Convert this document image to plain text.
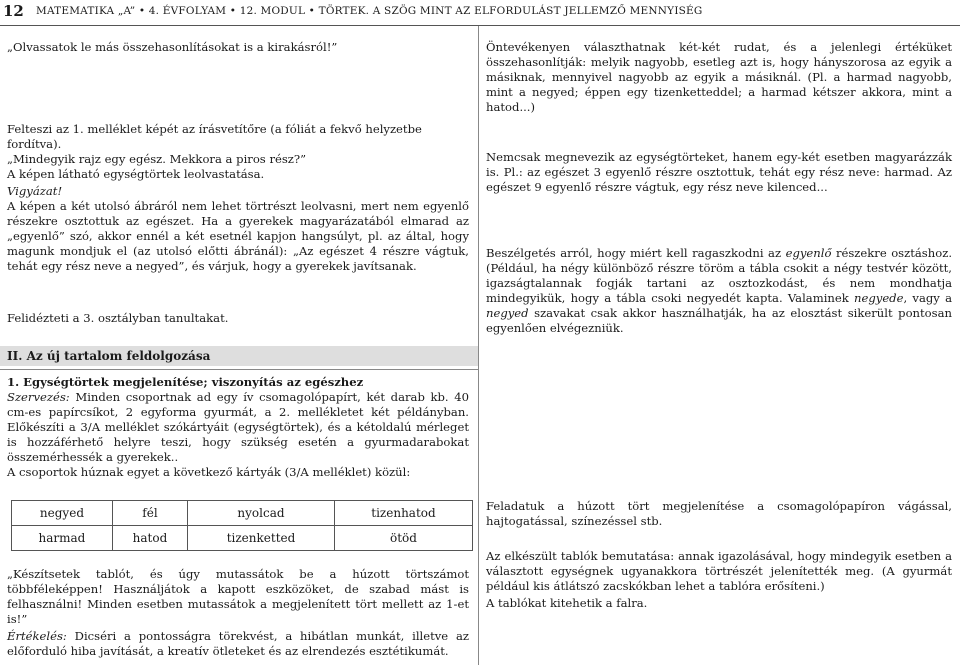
12 MATEMATIKA „A” • 4. ÉVFOLYAM • 12. MODUL • TÖRTEK. A SZÖG MINT AZ ELFORDULÁST JELLEMZŐ MENNYISÉG

„Olvassatok le más összehasonlításokat is a kirakásról!”

Felteszi az 1. melléklet képét az írásvetítőre (a fóliát a fekvő helyzetbe fordítva).

„Mindegyik rajz egy egész. Mekkora a piros rész?”

A képen látható egységtörtek leolvastatása.

Vigyázat!

A képen a két utolsó ábráról nem lehet törtrészt leolvasni, mert nem egyenlő részekre osztottuk az egészet. Ha a gyerekek magyarázatából elmarad az „egyenlő” szó, akkor ennél a két esetnél kapjon hangsúlyt, pl. az által, hogy magunk mondjuk el (az utolsó előtti ábránál): „Az egészet 4 részre vágtuk, tehát egy rész neve a negyed”, és várjuk, hogy a gyerekek javítsanak.

Felidézteti a 3. osztályban tanultakat.

II. Az új tartalom feldolgozása

1. Egységtörtek megjelenítése; viszonyítás az egészhez

Szervezés: Minden csoportnak ad egy ív csomagolópapírt, két darab kb. 40 cm-es papírcsíkot, 2 egyforma gyurmát, a 2. mellékletet két példányban. Előkészíti a 3/A melléklet szókártyáit (egységtörtek), és a kétoldalú mérleget is hozzáférhető helyre teszi, hogy szükség esetén a gyurmadarabokat összemérhessék a gyerekek..

A csoportok húznak egyet a következő kártyák (3/A melléklet) közül:

negyed	fél	nyolcad	tizenhatod
harmad	hatod	tizenketted	ötöd

„Készítsetek tablót, és úgy mutassátok be a húzott törtszámot többféleképpen! Használjátok a kapott eszközöket, de szabad mást is felhasználni! Minden esetben mutassátok a megjelenített tört mellett az 1-et is!”

Értékelés: Dicséri a pontosságra törekvést, a hibátlan munkát, illetve az előforduló hiba javítását, a kreatív ötleteket és az elrendezés esztétikumát.

Öntevékenyen választhatnak két-két rudat, és a jelenlegi értéküket összehasonlítják: melyik nagyobb, esetleg azt is, hogy hányszorosa az egyik a másiknak, mennyivel nagyobb az egyik a másiknál. (Pl. a harmad nagyobb, mint a negyed; éppen egy tizenketteddel; a harmad kétszer akkora, mint a hatod...)

Nemcsak megnevezik az egységtörteket, hanem egy-két esetben magyarázzák is. Pl.: az egészet 3 egyenlő részre osztottuk, tehát egy rész neve: harmad. Az egészet 9 egyenlő részre vágtuk, egy rész neve kilenced...

Beszélgetés arról, hogy miért kell ragaszkodni az egyenlő részekre osztáshoz. (Például, ha négy különböző részre töröm a tábla csokit a négy testvér között, igazságtalannak fogják tartani az osztozkodást, és nem mondhatja mindegyikük, hogy a tábla csoki negyedét kapta. Valaminek negyede, vagy a negyed szavakat csak akkor használhatják, ha az elosztást sikerült pontosan egyenlően elvégezniük.

Feladatuk a húzott tört megjelenítése a csomagolópapíron vágással, hajtogatással, színezéssel stb.

Az elkészült tablók bemutatása: annak igazolásával, hogy mindegyik esetben a választott egységnek ugyanakkora törtrészét jelenítették meg. (A gyurmát például kis átlátszó zacskókban lehet a tablóra erősíteni.)

A tablókat kitehetik a falra.
